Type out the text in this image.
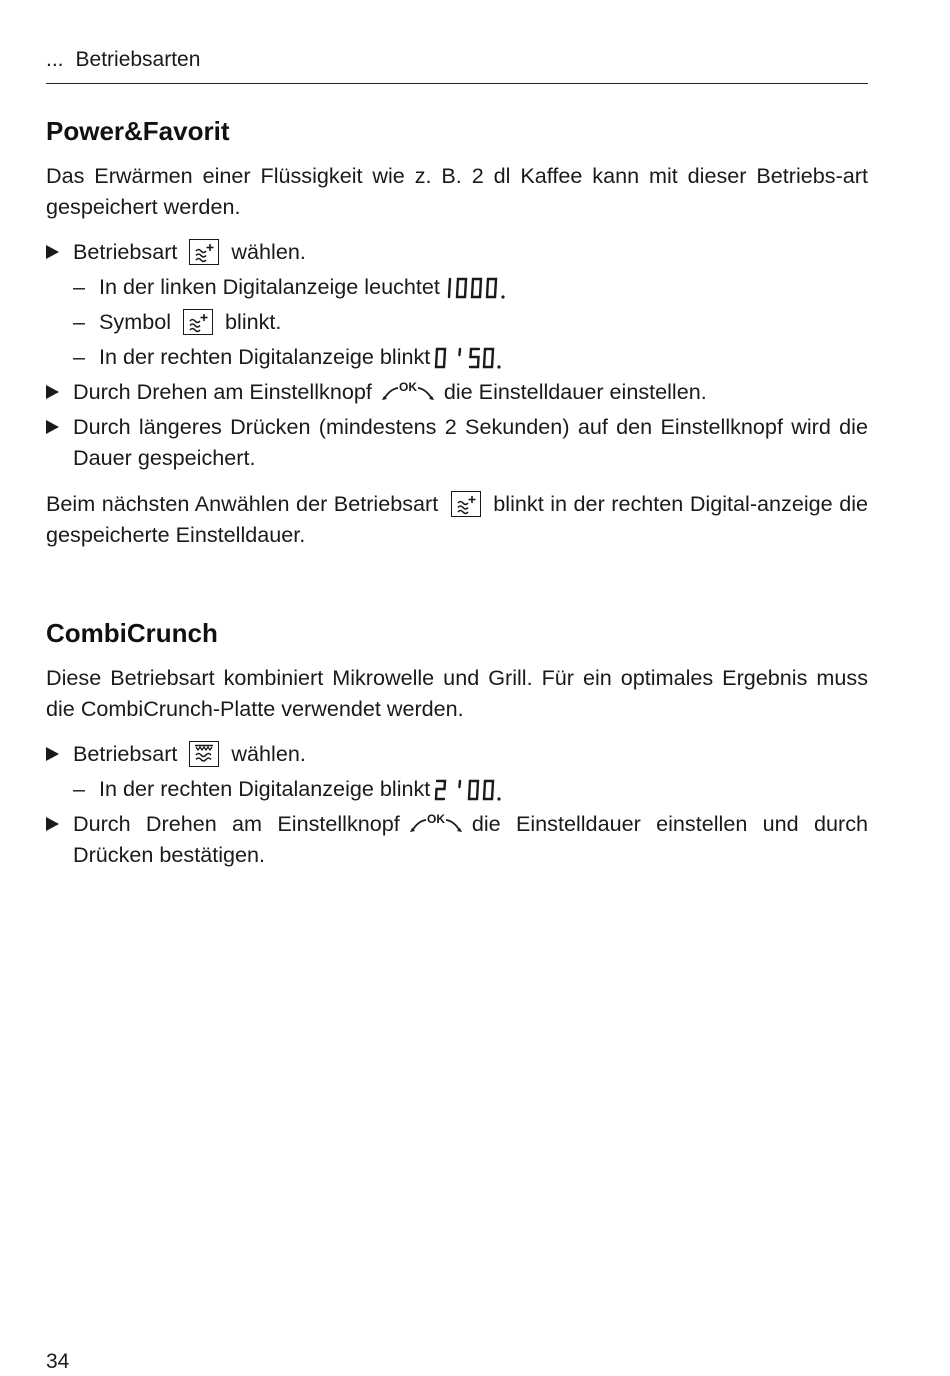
... Betriebsarten
Power&Favorit

Das Erwärmen einer Flüssigkeit wie z. B. 2 dl Kaffee kann mit dieser Betriebs-art gespeichert werden.

Betriebsart	wählen.
– In der linken Digitalanzeige leuchtet
– Symbol	blinkt.
– In der rechten Digitalanzeige blinkt
Durch Drehen am Einstellknopf OK die Einstelldauer einstellen.
Durch längeres Drücken (mindestens 2 Sekunden) auf den Einstellknopf wird die Dauer gespeichert.

Beim nächsten Anwählen der Betriebsart	blinkt in der rechten Digital-anzeige die gespeicherte Einstelldauer.

CombiCrunch

Diese Betriebsart kombiniert Mikrowelle und Grill. Für ein optimales Ergebnis muss die CombiCrunch-Platte verwendet werden.

Betriebsart	wählen.
– In der rechten Digitalanzeige blinkt
Durch Drehen am Einstellknopf OK die Einstelldauer einstellen und durch Drücken bestätigen.
34
